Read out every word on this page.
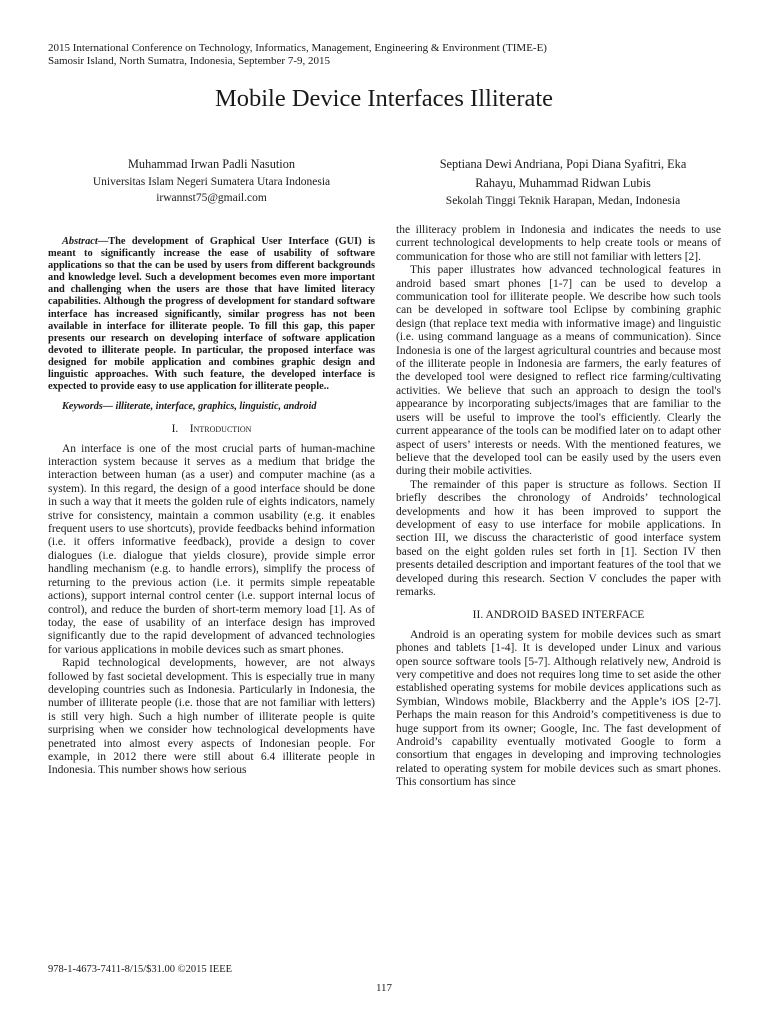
2015 International Conference on Technology, Informatics, Management, Engineering & Environment (TIME-E)
Samosir Island, North Sumatra, Indonesia, September 7-9, 2015
Mobile Device Interfaces Illiterate
Muhammad Irwan Padli Nasution
Universitas Islam Negeri Sumatera Utara Indonesia
irwannst75@gmail.com
Septiana Dewi Andriana, Popi Diana Syafitri, Eka
Rahayu, Muhammad Ridwan Lubis
Sekolah Tinggi Teknik Harapan, Medan, Indonesia

Abstract—The development of Graphical User Interface (GUI) is meant to significantly increase the ease of usability of software applications so that the can be used by users from different backgrounds and knowledge level. Such a development becomes even more important and challenging when the users are those that have limited literacy capabilities. Although the progress of development for standard software interface has increased significantly, similar progress has not been available in interface for illiterate people. To fill this gap, this paper presents our research on developing interface of software application devoted to illiterate people. In particular, the proposed interface was designed for mobile application and combines graphic design and linguistic approaches. With such feature, the developed interface is expected to provide easy to use application for illiterate people..

Keywords— illiterate, interface, graphics, linguistic, android

I. Introduction

An interface is one of the most crucial parts of human-machine interaction system because it serves as a medium that bridge the interaction between human (as a user) and computer machine (as a system). In this regard, the design of a good interface should be done in such a way that it meets the golden rule of eights indicators, namely strive for consistency, maintain a common usability (e.g. it enables frequent users to use shortcuts), provide feedbacks behind information (i.e. it offers informative feedback), provide a design to cover dialogues (i.e. dialogue that yields closure), provide simple error handling mechanism (e.g. to handle errors), simplify the process of returning to the previous action (i.e. it permits simple repeatable actions), support internal control center (i.e. support internal locus of control), and reduce the burden of short-term memory load [1]. As of today, the ease of usability of an interface design has improved significantly due to the rapid development of advanced technologies for various applications in mobile devices such as smart phones.

Rapid technological developments, however, are not always followed by fast societal development. This is especially true in many developing countries such as Indonesia. Particularly in Indonesia, the number of illiterate people (i.e. those that are not familiar with letters) is still very high. Such a high number of illiterate people is quite surprising when we consider how technological developments have penetrated into almost every aspects of Indonesian people. For example, in 2012 there were still about 6.4 illiterate people in Indonesia. This number shows how serious

the illiteracy problem in Indonesia and indicates the needs to use current technological developments to help create tools or means of communication for those who are still not familiar with letters [2].

This paper illustrates how advanced technological features in android based smart phones [1-7] can be used to develop a communication tool for illiterate people. We describe how such tools can be developed in software tool Eclipse by combining graphic design (that replace text media with informative image) and linguistic (i.e. using command language as a means of communication). Since Indonesia is one of the largest agricultural countries and because most of the illiterate people in Indonesia are farmers, the early features of the developed tool were designed to reflect rice farming/cultivating activities. We believe that such an approach to design the tool's appearance by incorporating subjects/images that are familiar to the users will be useful to improve the tool's efficiently. Clearly the current appearance of the tools can be modified later on to adapt other aspect of users’ interests or needs. With the mentioned features, we believe that the developed tool can be easily used by the users even during their mobile activities.

The remainder of this paper is structure as follows. Section II briefly describes the chronology of Androids’ technological developments and how it has been improved to support the development of easy to use interface for mobile applications. In section III, we discuss the characteristic of good interface system based on the eight golden rules set forth in [1]. Section IV then presents detailed description and important features of the tool that we developed during this research. Section V concludes the paper with remarks.

II. ANDROID BASED INTERFACE

Android is an operating system for mobile devices such as smart phones and tablets [1-4]. It is developed under Linux and various open source software tools [5-7]. Although relatively new, Android is very competitive and does not requires long time to set aside the other established operating systems for mobile devices applications such as Symbian, Windows mobile, Blackberry and the Apple’s iOS [2-7]. Perhaps the main reason for this Android’s competitiveness is due to huge support from its owner; Google, Inc. The fast development of Android’s capability eventually motivated Google to form a consortium that engages in developing and improving technologies related to operating system for mobile devices such as smart phones. This consortium has since

978-1-4673-7411-8/15/$31.00 ©2015 IEEE
117
